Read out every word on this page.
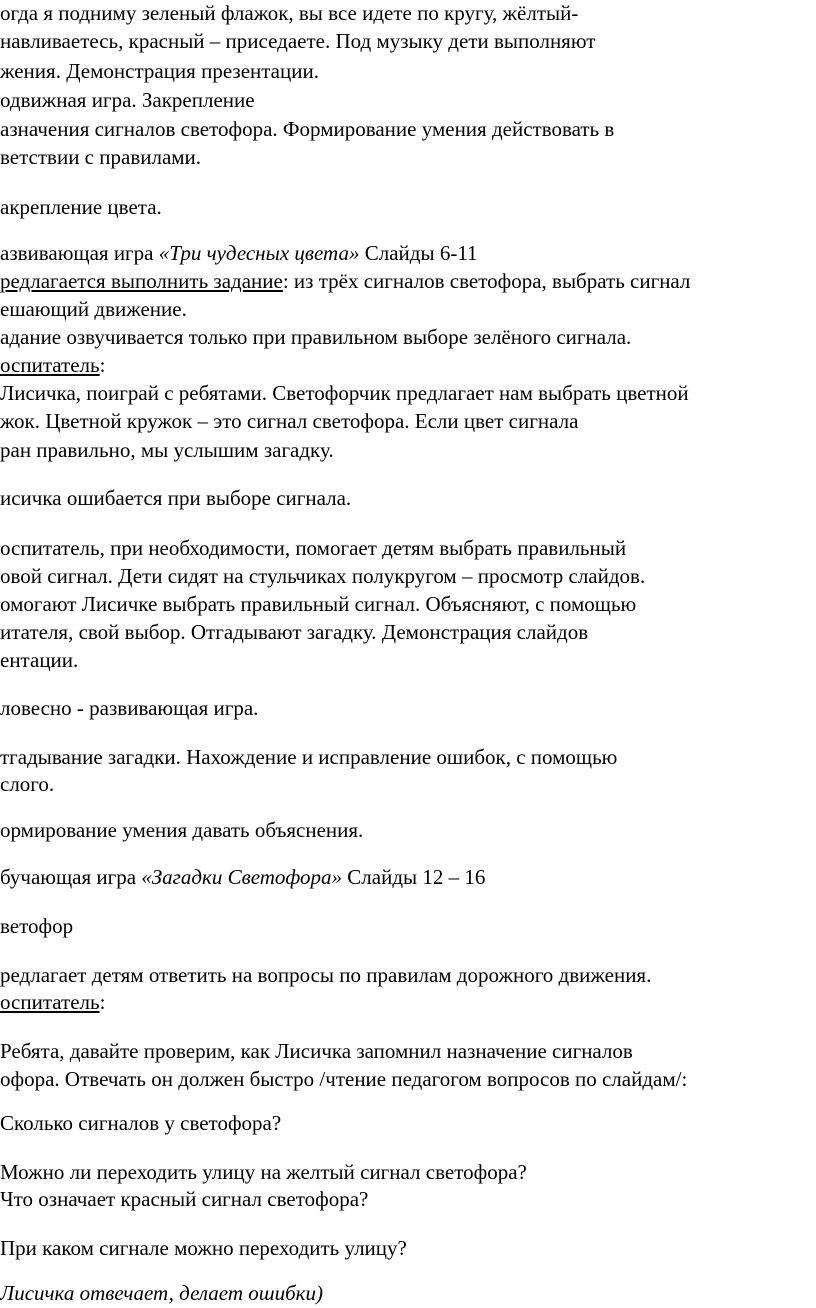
огда я подниму зеленый флажок, вы все идете по кругу, жёлтый-

навливаетесь, красный – приседаете. Под музыку дети выполняют

жения. Демонстрация презентации.

одвижная игра. Закрепление

азначения сигналов светофора. Формирование умения действовать в

ветствии с правилами.

акрепление цвета.

азвивающая игра «Три чудесных цвета» Слайды 6-11

редлагается выполнить задание: из трёх сигналов светофора, выбрать сигнал

ешающий движение.

адание озвучивается только при правильном выборе зелёного сигнала.

оспитатель:

Лисичка, поиграй с ребятами. Светофорчик предлагает нам выбрать цветной

жок. Цветной кружок – это сигнал светофора. Если цвет сигнала

ран правильно, мы услышим загадку.

исичка ошибается при выборе сигнала.

оспитатель, при необходимости, помогает детям выбрать правильный

овой сигнал. Дети сидят на стульчиках полукругом – просмотр слайдов.

омогают Лисичке выбрать правильный сигнал. Объясняют, с помощью

итателя, свой выбор. Отгадывают загадку. Демонстрация слайдов

ентации.

ловесно - развивающая игра.

тгадывание загадки. Нахождение и исправление ошибок, с помощью

слого.

ормирование умения давать объяснения.

бучающая игра «Загадки Светофора» Слайды 12 – 16

ветофор

редлагает детям ответить на вопросы по правилам дорожного движения.

оспитатель:

Ребята, давайте проверим, как Лисичка запомнил назначение сигналов

офора. Отвечать он должен быстро /чтение педагогом вопросов по слайдам/:

Сколько сигналов у светофора?

Можно ли переходить улицу на желтый сигнал светофора?

Что означает красный сигнал светофора?

При каком сигнале можно переходить улицу?

Лисичка отвечает, делает ошибки)
